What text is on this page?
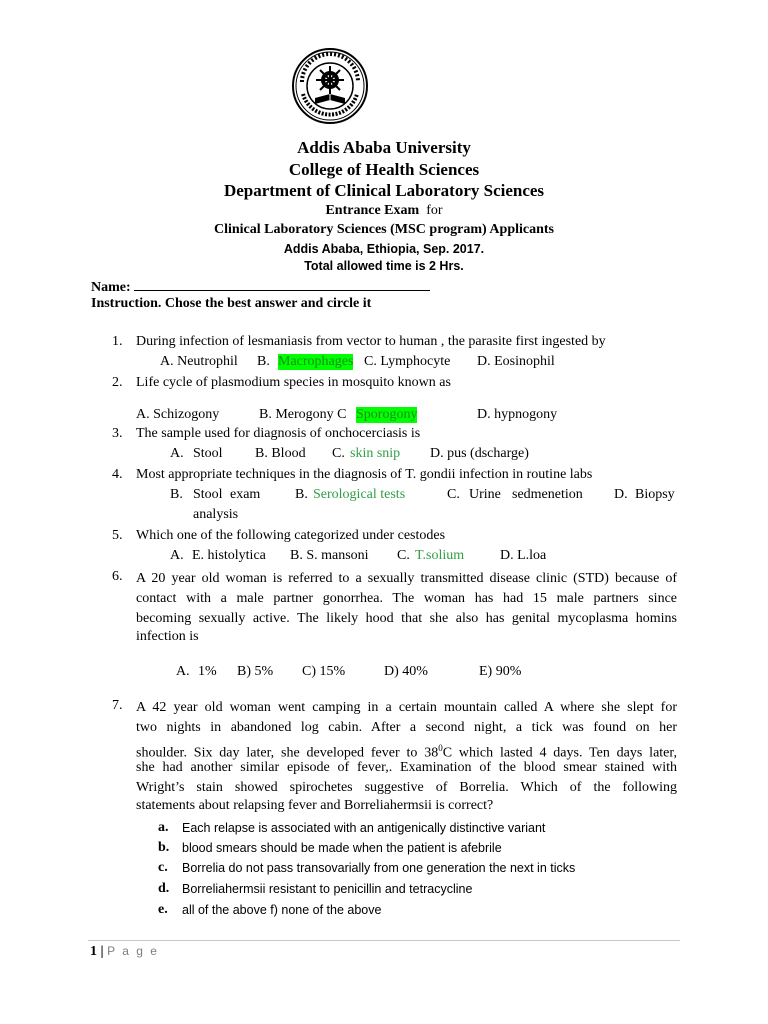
Addis Ababa University
College of Health Sciences
Department of Clinical Laboratory Sciences
Entrance Exam for
Clinical Laboratory Sciences (MSC program) Applicants
Addis Ababa, Ethiopia, Sep. 2017.
Total allowed time is 2 Hrs.
Name:
Instruction. Chose the best answer and circle it
1. During infection of lesmaniasis from vector to human , the parasite first ingested by
A. Neutrophil B. Macrophages C. Lymphocyte D. Eosinophil
2. Life cycle of plasmodium species in mosquito known as
A. Schizogony	B. Merogony C Sporogony	D. hypnogony
3. The sample used for diagnosis of onchocerciasis is
A. Stool B. Blood C. skin snip D. pus (dscharge)
4. Most appropriate techniques in the diagnosis of T. gondii infection in routine labs
B. Stool exam B. Serological tests	C. Urine sedmenetion D. Biopsy
analysis
5. Which one of the following categorized under cestodes
A. E. histolytica B. S. mansoni C. T.solium	D. L.loa
6. A 20 year old woman is referred to a sexually transmitted disease clinic (STD) because of
contact with a male partner gonorrhea. The woman has had 15 male partners since
becoming sexually active. The likely hood that she also has genital mycoplasma homins
infection is
A. 1% B) 5% C) 15%	D) 40%	E) 90%
7. A 42 year old woman went camping in a certain mountain called A where she slept for
two nights in abandoned log cabin. After a second night, a tick was found on her
shoulder. Six day later, she developed fever to $38^0C$ which lasted 4 days. Ten days later,
she had another similar episode of fever,. Examination of the blood smear stained with
Wright’s stain showed spirochetes suggestive of Borrelia. Which of the following
statements about relapsing fever and Borreliahermsii is correct?
a. Each relapse is associated with an antigenically distinctive variant
b. blood smears should be made when the patient is afebrile
c. Borrelia do not pass transovarially from one generation the next in ticks
d. Borreliahermsii resistant to penicillin and tetracycline
e. all of the above f) none of the above
1 | P a g e
